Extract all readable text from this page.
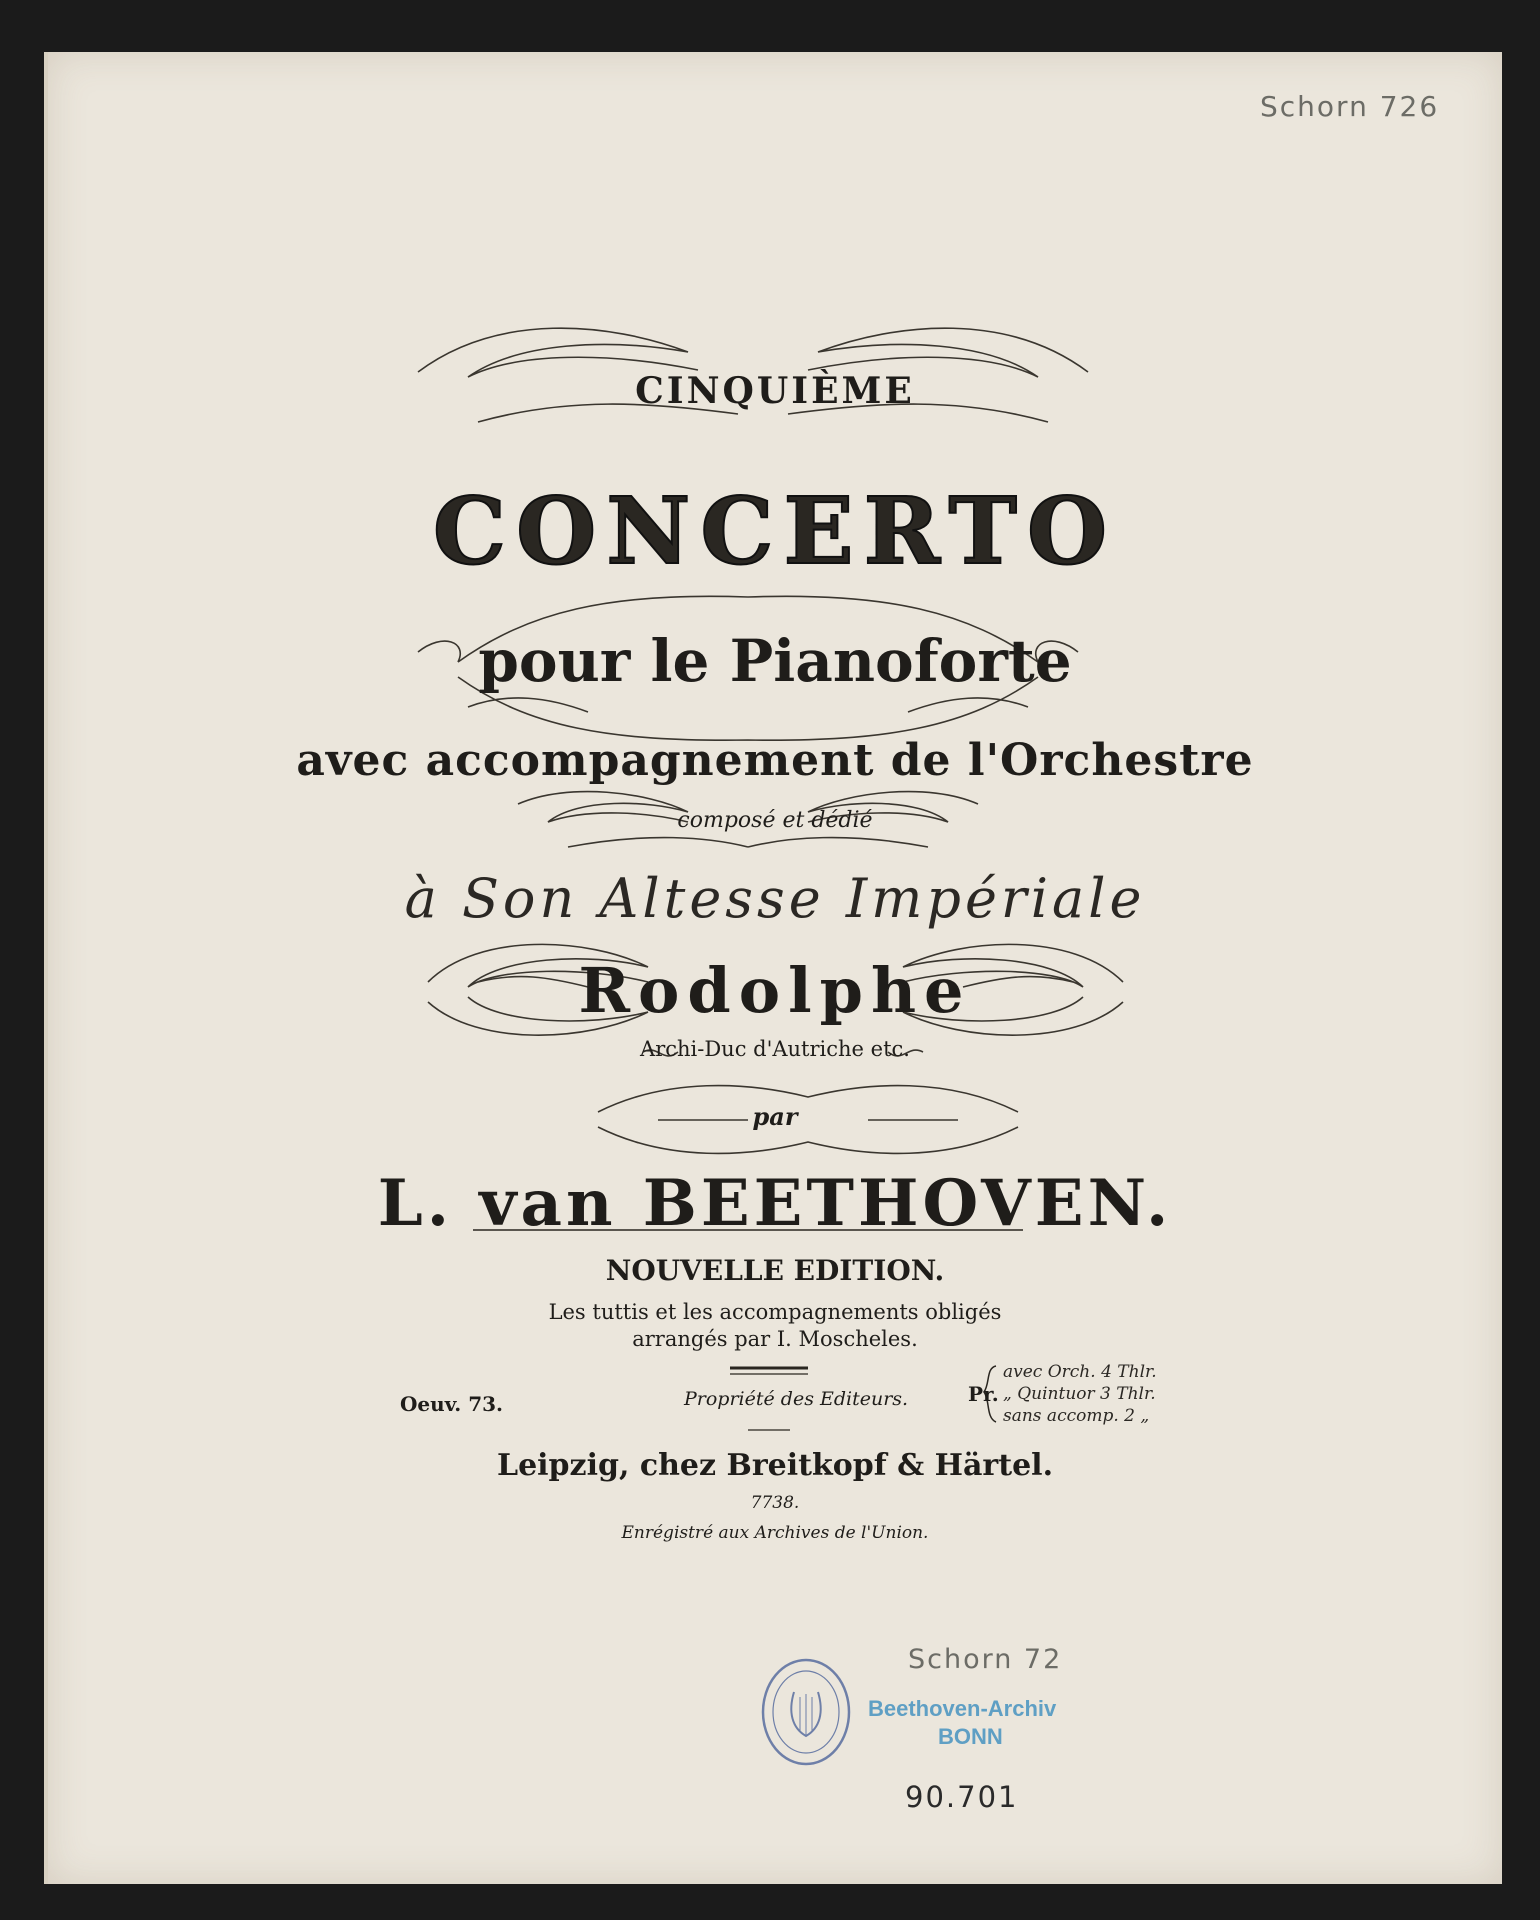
Schorn 726
CINQUIÈME
CONCERTO
pour le Pianoforte
avec accompagnement de l'Orchestre
composé et dédié
à Son Altesse Impériale
Rodolphe
Archi-Duc d'Autriche etc.
par
L. van BEETHOVEN.
NOUVELLE EDITION.
Les tuttis et les accompagnements obligés
arrangés par I. Moscheles.
Oeuv. 73.	Propriété des Editeurs.	Pr.
avec Orch. 4 Thlr.
„ Quintuor 3 Thlr.
sans accomp. 2 „
Leipzig, chez Breitkopf & Härtel.
7738.
Enrégistré aux Archives de l'Union.
Schorn 72
Beethoven-Archiv
BONN
90.701
